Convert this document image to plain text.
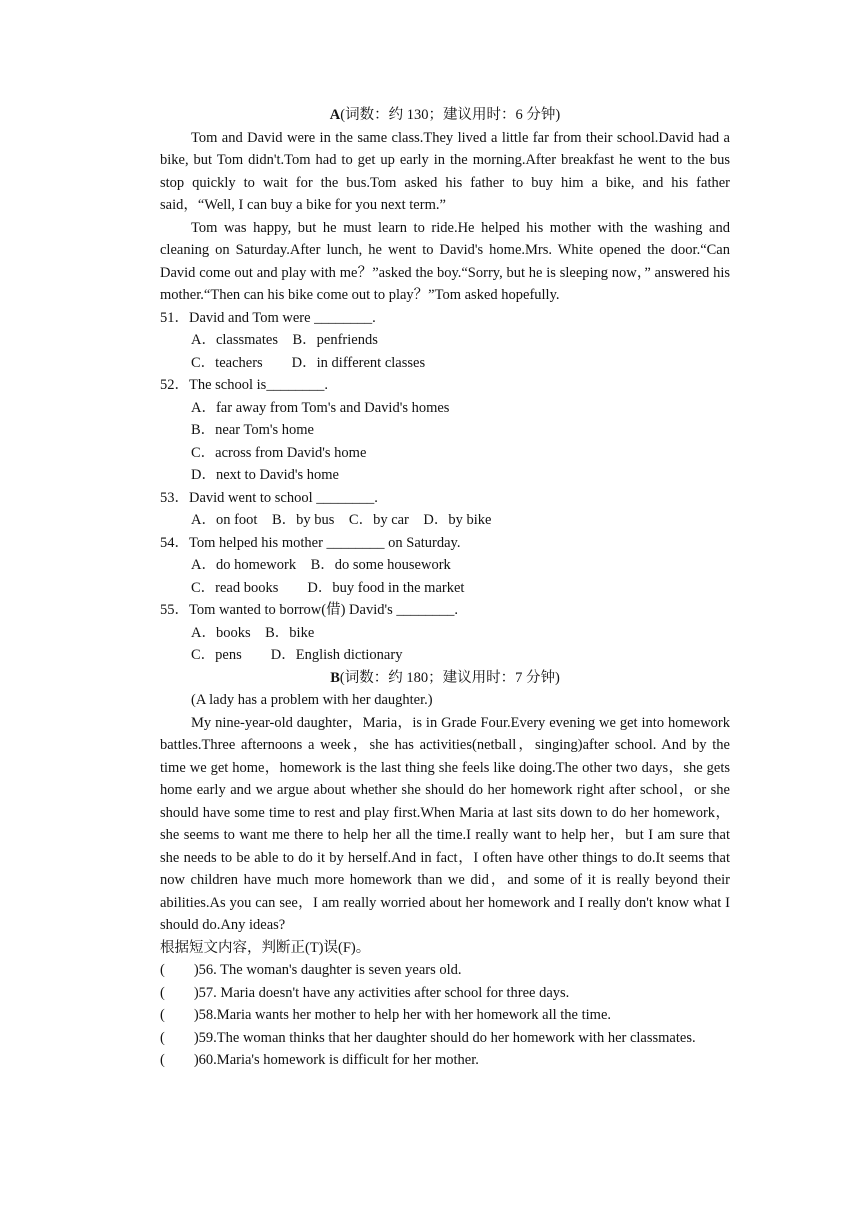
A(词数：约 130；建议用时：6 分钟)

Tom and David were in the same class.They lived a little far from their school.David had a bike, but Tom didn't.Tom had to get up early in the morning.After breakfast he went to the bus stop quickly to wait for the bus.Tom asked his father to buy him a bike, and his father said，“Well, I can buy a bike for you next term.”

Tom was happy, but he must learn to ride.He helped his mother with the washing and cleaning on Saturday.After lunch, he went to David's home.Mrs. White opened the door.“Can David come out and play with me？”asked the boy.“Sorry, but he is sleeping now，” answered his mother.“Then can his bike come out to play？”Tom asked hopefully.

51．David and Tom were ________.
A．classmates　B．penfriends
C．teachers　　D．in different classes
52．The school is________.
A．far away from Tom's and David's homes
B．near Tom's home
C．across from David's home
D．next to David's home
53．David went to school ________.
A．on foot　B．by bus　C．by car　D．by bike
54．Tom helped his mother ________ on Saturday.
A．do homework　B．do some housework
C．read books　　D．buy food in the market
55．Tom wanted to borrow(借) David's ________.
A．books　B．bike
C．pens　　D．English dictionary
B(词数：约 180；建议用时：7 分钟)

(A lady has a problem with her daughter.)

My nine-year-old daughter，Maria，is in Grade Four.Every evening we get into homework battles.Three afternoons a week，she has activities(netball，singing)after school. And by the time we get home，homework is the last thing she feels like doing.The other two days，she gets home early and we argue about whether she should do her homework right after school，or she should have some time to rest and play first.When Maria at last sits down to do her homework，she seems to want me there to help her all the time.I really want to help her，but I am sure that she needs to be able to do it by herself.And in fact，I often have other things to do.It seems that now children have much more homework than we did，and some of it is really beyond their abilities.As you can see，I am really worried about her homework and I really don't know what I should do.Any ideas?

根据短文内容，判断正(T)误(F)。
(　　)56. The woman's daughter is seven years old.
(　　)57. Maria doesn't have any activities after school for three days.
(　　)58.Maria wants her mother to help her with her homework all the time.
(　　) 59.The woman thinks that her daughter should do her homework with her classmates.
(　　)60.Maria's homework is difficult for her mother.
